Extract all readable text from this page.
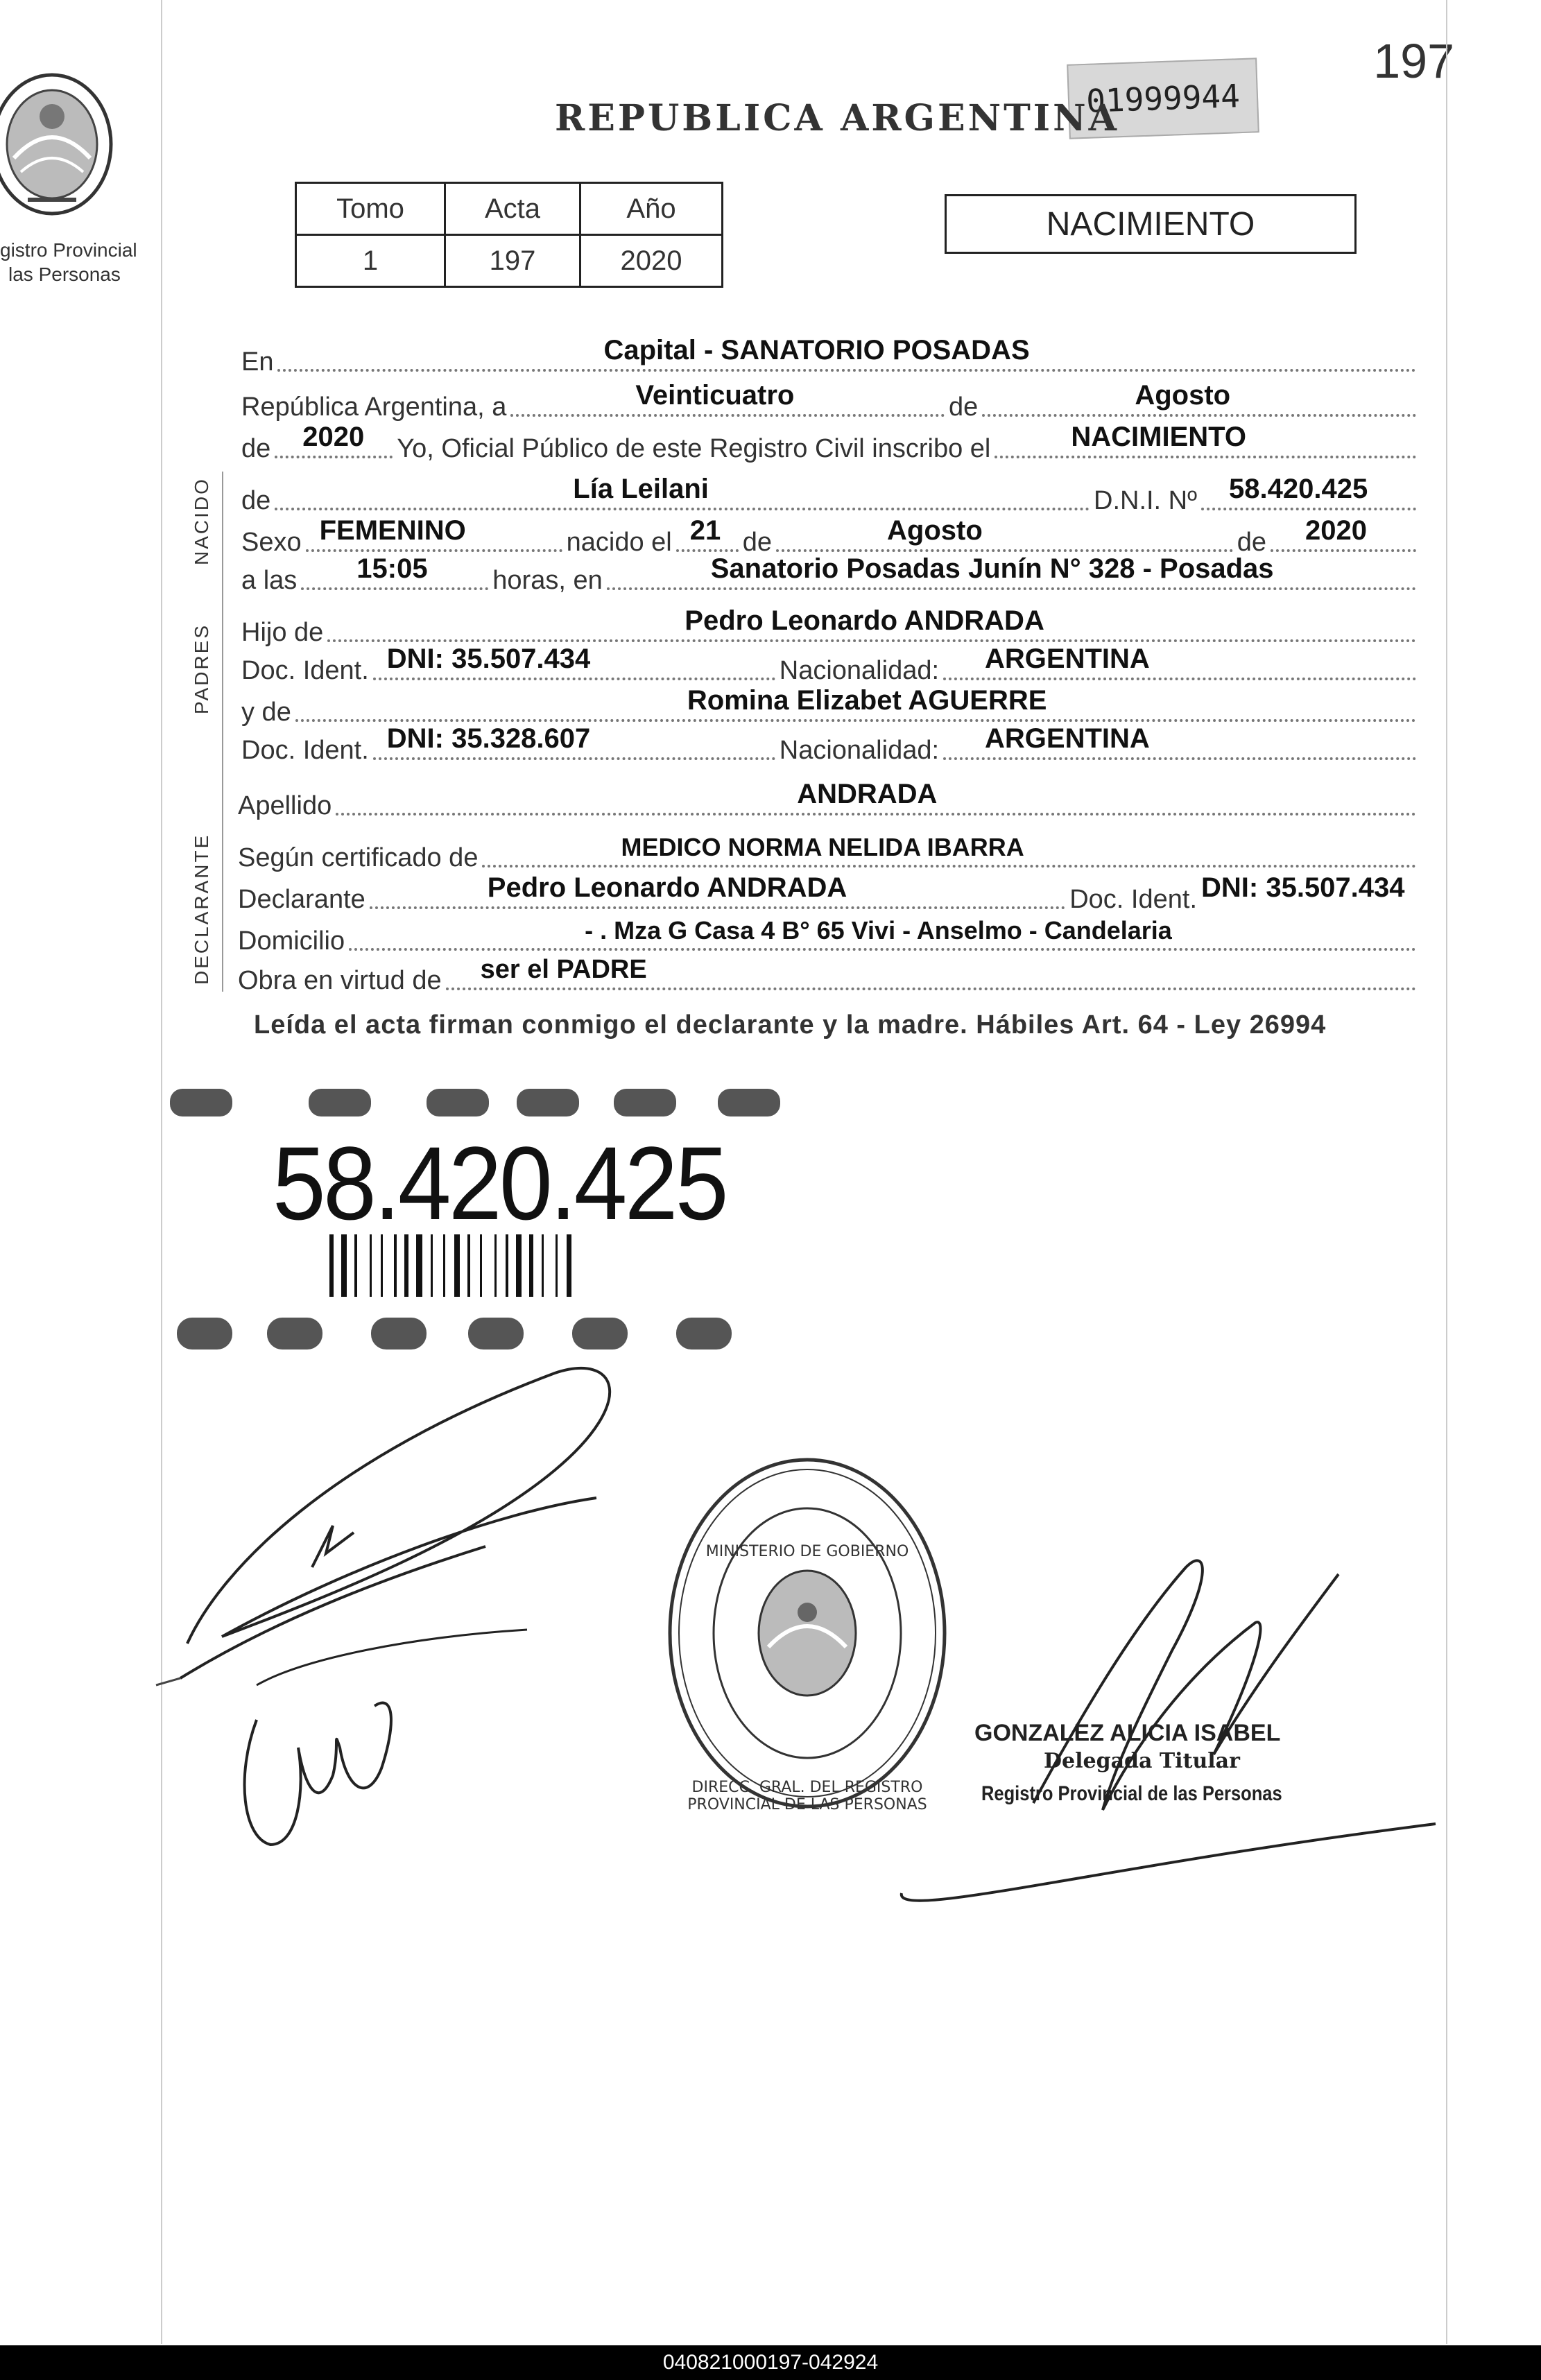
197
01999944
gistro Provincial
las Personas
REPUBLICA ARGENTINA
Tomo	Acta	Año
1	197	2020
NACIMIENTO
NACIDO
PADRES
DECLARANTE
En	Capital - SANATORIO POSADAS
República Argentina, a	Veinticuatro	de	Agosto
de 2020 Yo, Oficial Público de este Registro Civil inscribo el	NACIMIENTO
de	Lía Leilani	D.N.I. Nº 58.420.425
Sexo FEMENINO	nacido el 21 de	Agosto	de 2020
a las 15:05 horas, en	Sanatorio Posadas Junín N° 328 - Posadas
Hijo de	Pedro Leonardo ANDRADA
Doc. Ident. DNI: 35.507.434	Nacionalidad: ARGENTINA
y de	Romina Elizabet AGUERRE
Doc. Ident. DNI: 35.328.607	Nacionalidad: ARGENTINA
Apellido	ANDRADA
Según certificado de	MEDICO NORMA NELIDA IBARRA
Declarante	Pedro Leonardo ANDRADA	Doc. Ident. DNI: 35.507.434
Domicilio	- . Mza G Casa 4 B° 65 Vivi - Anselmo - Candelaria
Obra en virtud de ser el PADRE
Leída el acta firman conmigo el declarante y la madre. Hábiles Art. 64 - Ley 26994
58.420.425
DIRECC. GRAL. DEL REGISTRO PROVINCIAL DE LAS PERSONAS
MINISTERIO DE GOBIERNO
GONZALEZ ALICIA ISABEL
Delegada Titular
Registro Provincial de las Personas
040821000197-042924
